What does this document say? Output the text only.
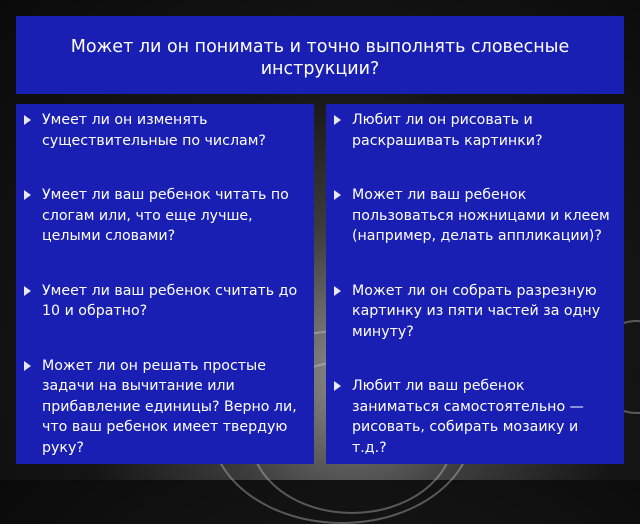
Может ли он понимать и точно выполнять словесные инструкции?
Умеет ли он изменять существительные по числам?
Умеет ли ваш ребенок читать по слогам или, что еще лучше, целыми словами?
Умеет ли ваш ребенок считать до 10 и обратно?
Может ли он решать простые задачи на вычитание или прибавление единицы? Верно ли, что ваш ребенок имеет твердую руку?
Любит ли он рисовать и раскрашивать картинки?
Может ли ваш ребенок пользоваться ножницами и клеем (например, делать аппликации)?
Может ли он собрать разрезную картинку из пяти частей за одну минуту?
Любит ли ваш ребенок заниматься самостоятельно — рисовать, собирать мозаику и т.д.?
